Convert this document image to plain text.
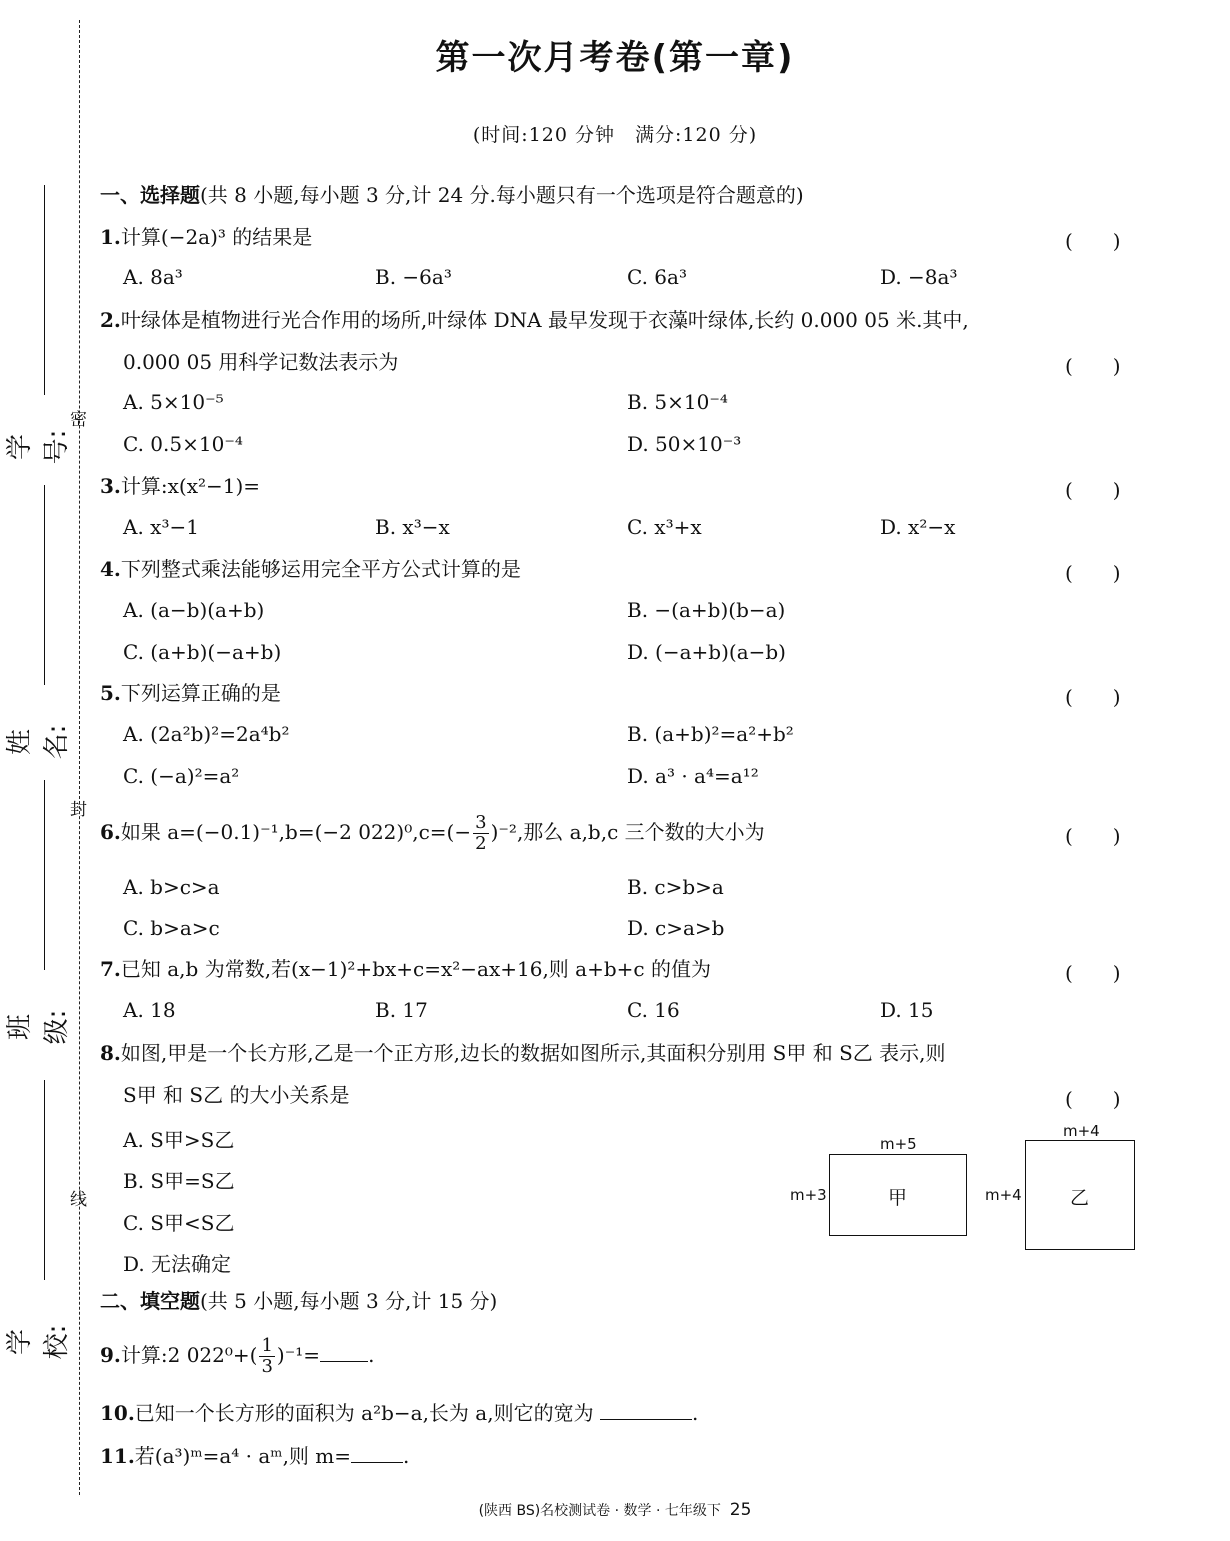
学号:
姓名:
班级:
学校:
密
封
线
第一次月考卷(第一章)
(时间:120 分钟　满分:120 分)
一、选择题(共 8 小题,每小题 3 分,计 24 分.每小题只有一个选项是符合题意的)
1.计算(−2a)³ 的结果是	(　　)
A. 8a³	B. −6a³	C. 6a³	D. −8a³
2.叶绿体是植物进行光合作用的场所,叶绿体 DNA 最早发现于衣藻叶绿体,长约 0.000 05 米.其中,
0.000 05 用科学记数法表示为	(　　)
A. 5×10⁻⁵	B. 5×10⁻⁴
C. 0.5×10⁻⁴	D. 50×10⁻³
3.计算:x(x²−1)=	(　　)
A. x³−1	B. x³−x	C. x³+x	D. x²−x
4.下列整式乘法能够运用完全平方公式计算的是	(　　)
A. (a−b)(a+b)	B. −(a+b)(b−a)
C. (a+b)(−a+b)	D. (−a+b)(a−b)
5.下列运算正确的是	(　　)
A. (2a²b)²=2a⁴b²	B. (a+b)²=a²+b²
C. (−a)²=a²	D. a³ · a⁴=a¹²
6.如果 a=(−0.1)⁻¹,b=(−2 $022)^0,c=(- \frac{3}{2} )^{-2}$,那么 a,b,c 三个数的大小为	(　　)
A. b>c>a	B. c>b>a
C. b>a>c	D. c>a>b
7.已知 a,b 为常数,若(x−1)²+bx+c=x²−ax+16,则 a+b+c 的值为	(　　)
A. 18	B. 17	C. 16	D. 15
8.如图,甲是一个长方形,乙是一个正方形,边长的数据如图所示,其面积分别用 S甲 和 S乙 表示,则
S甲 和 S乙 的大小关系是	(　　)
A. S甲>S乙
B. S甲=S乙
C. S甲<S乙
D. 无法确定
m+5
m+3	甲
m+4
m+4	乙
二、填空题(共 5 小题,每小题 3 分,计 15 分)
9.计算:2 $022^0+( \frac{1}{3} )^{-1}=$ .
10.已知一个长方形的面积为 a²b−a,长为 a,则它的宽为	.
11.若(a³)ᵐ=a⁴ · aᵐ,则 m=	.
(陕西 BS)名校测试卷 · 数学 · 七年级下 25
